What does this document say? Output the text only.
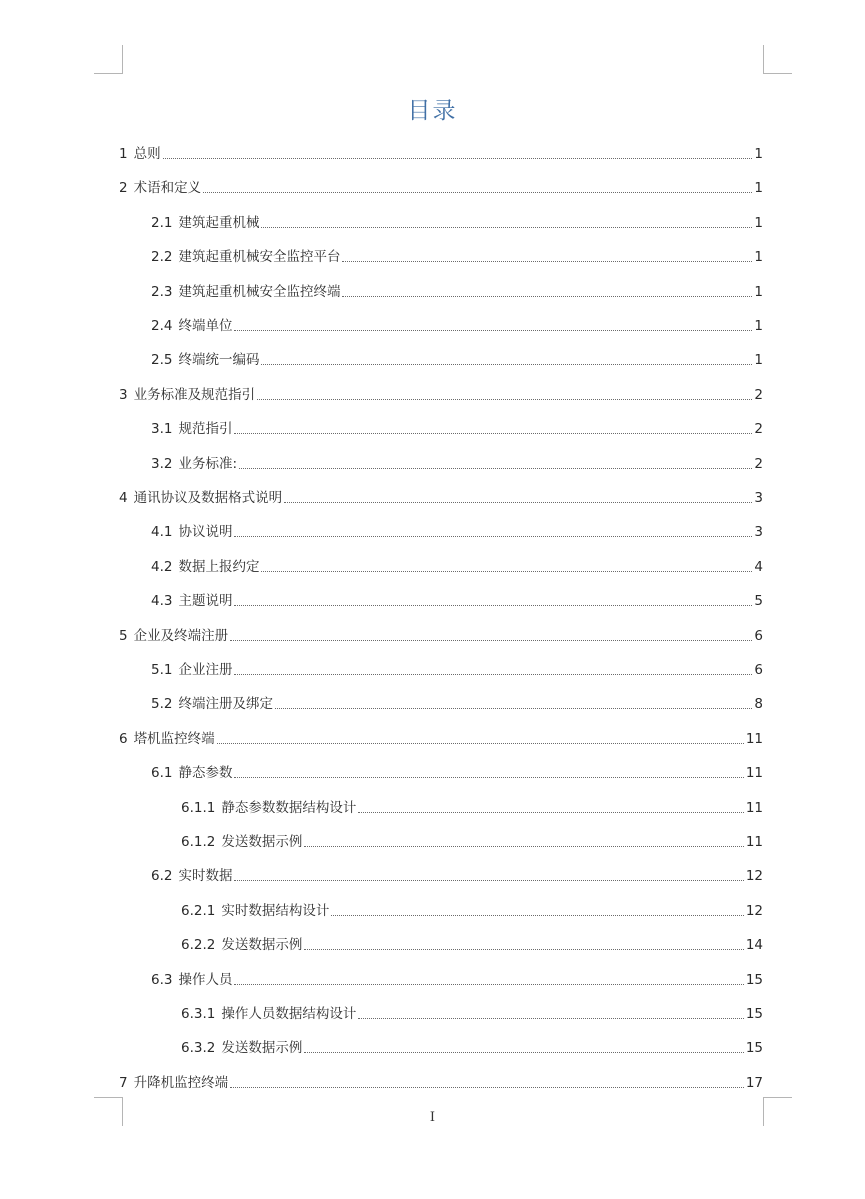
目录
1 总则	1
2 术语和定义	1
2.1 建筑起重机械	1
2.2 建筑起重机械安全监控平台	1
2.3 建筑起重机械安全监控终端	1
2.4 终端单位	1
2.5 终端统一编码	1
3 业务标准及规范指引	2
3.1 规范指引	2
3.2 业务标准:	2
4 通讯协议及数据格式说明	3
4.1 协议说明	3
4.2 数据上报约定	4
4.3 主题说明	5
5 企业及终端注册	6
5.1 企业注册	6
5.2 终端注册及绑定	8
6 塔机监控终端	11
6.1 静态参数	11
6.1.1 静态参数数据结构设计	11
6.1.2 发送数据示例	11
6.2 实时数据	12
6.2.1 实时数据结构设计	12
6.2.2 发送数据示例	14
6.3 操作人员	15
6.3.1 操作人员数据结构设计	15
6.3.2 发送数据示例	15
7 升降机监控终端	17
I
